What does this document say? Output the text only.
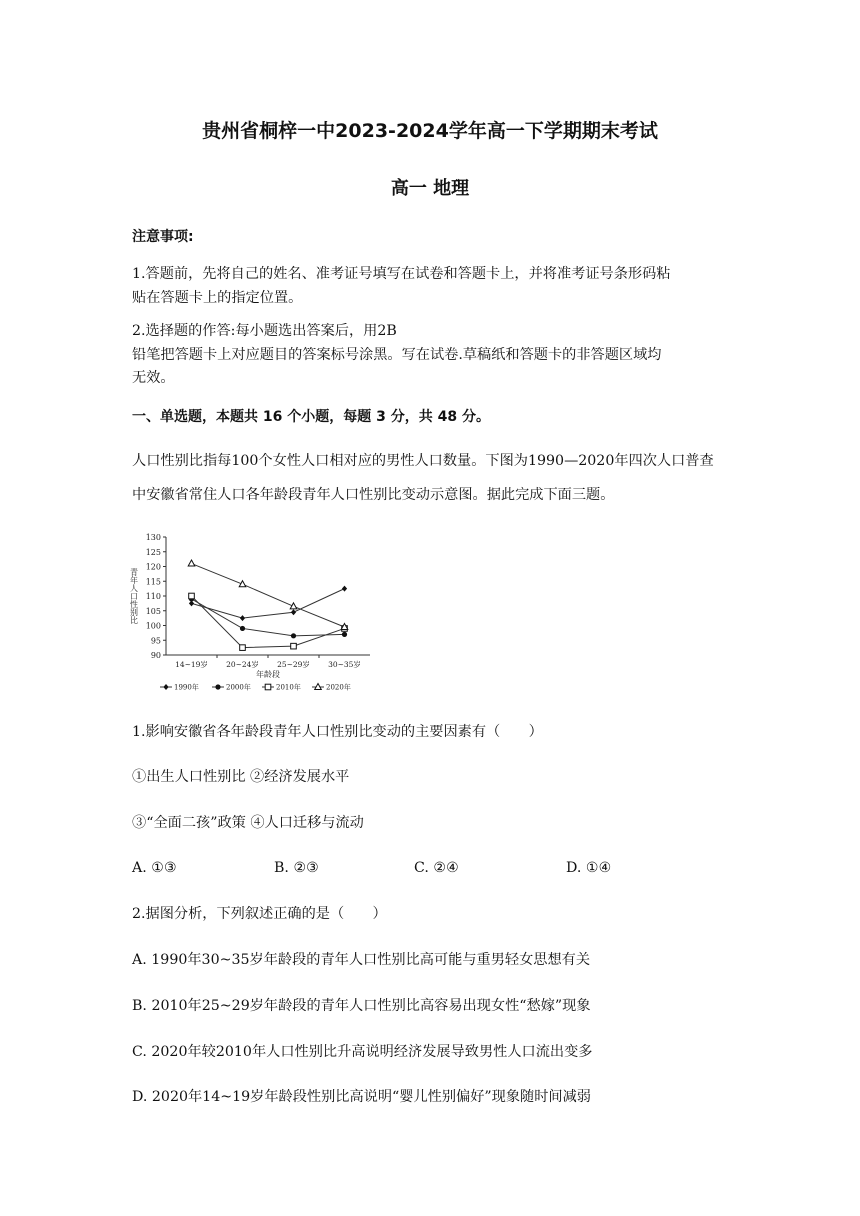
贵州省桐梓一中2023-2024学年高一下学期期末考试
高一 地理
注意事项:
1.答题前，先将自己的姓名、准考证号填写在试卷和答题卡上，并将准考证号条形码粘
贴在答题卡上的指定位置。
2.选择题的作答:每小题选出答案后，用2B
铅笔把答题卡上对应题目的答案标号涂黑。写在试卷.草稿纸和答题卡的非答题区域均
无效。
一、单选题，本题共 16 个小题，每题 3 分，共 48 分。
人口性别比指每100个女性人口相对应的男性人口数量。下图为1990—2020年四次人口普查
中安徽省常住人口各年龄段青年人口性别比变动示意图。据此完成下面三题。
90
95
100
105
110
115
120
125
130
14~19岁 20~24岁 25~29岁 30~35岁
青年人口性别比
年龄段
1990年	2000年	2010年	2020年
1.影响安徽省各年龄段青年人口性别比变动的主要因素有（　　）
①出生人口性别比 ②经济发展水平
③“全面二孩”政策 ④人口迁移与流动
A. ①③	B. ②③	C. ②④	D. ①④
2.据图分析，下列叙述正确的是（　　）
A. 1990年30~35岁年龄段的青年人口性别比高可能与重男轻女思想有关
B. 2010年25~29岁年龄段的青年人口性别比高容易出现女性“愁嫁”现象
C. 2020年较2010年人口性别比升高说明经济发展导致男性人口流出变多
D. 2020年14~19岁年龄段性别比高说明“婴儿性别偏好”现象随时间减弱
